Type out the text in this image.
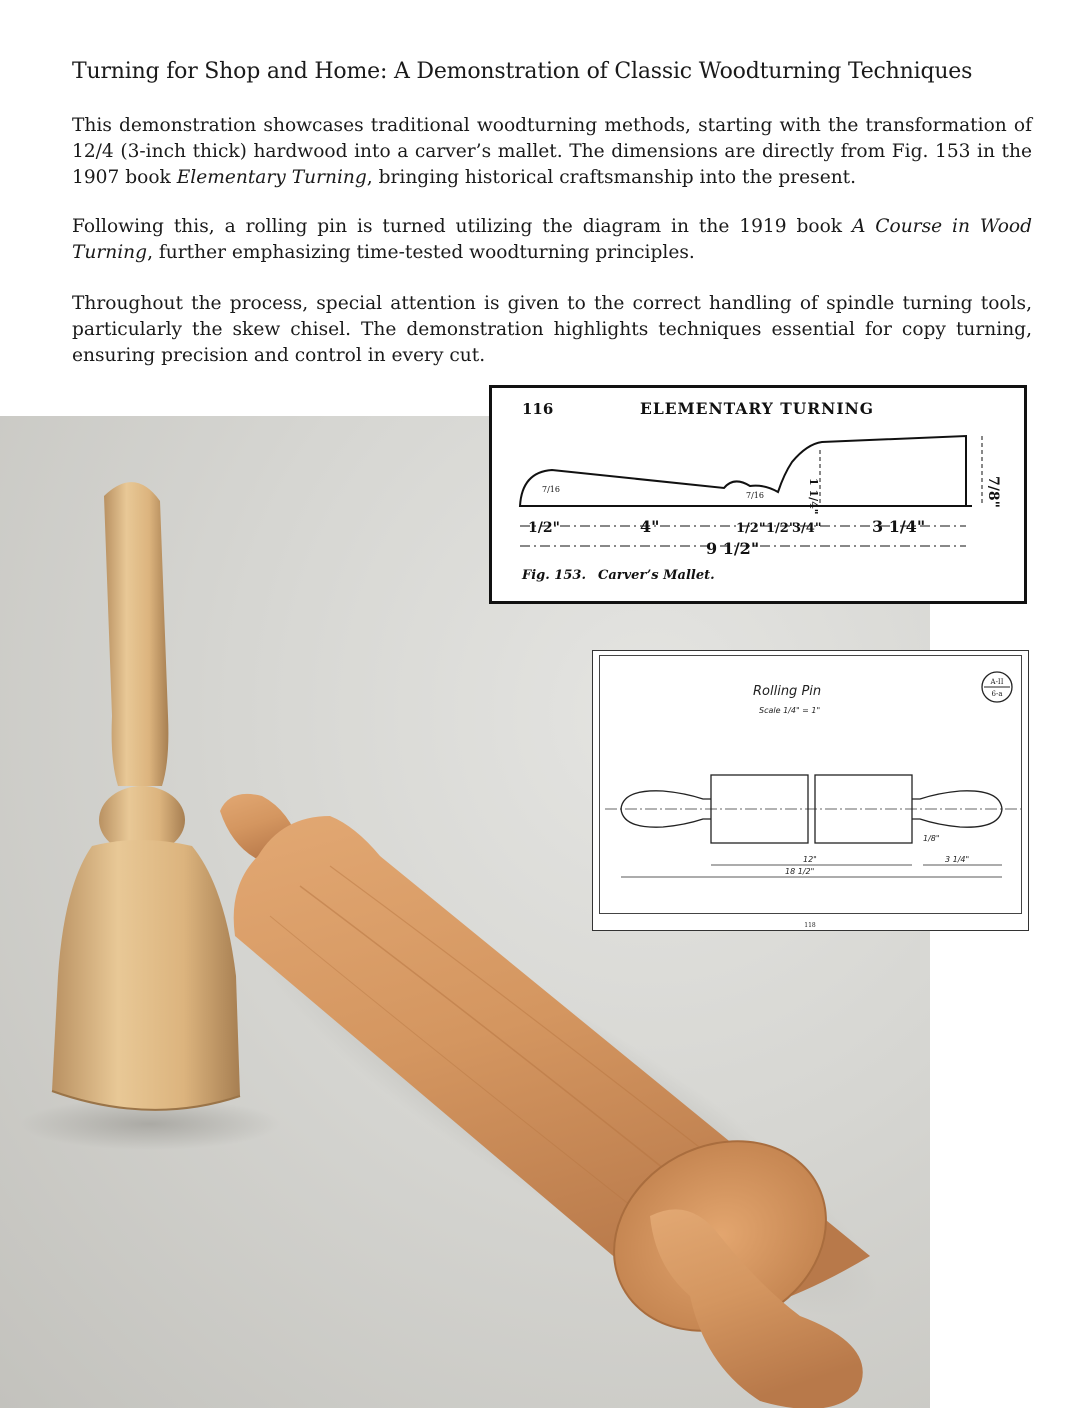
Turning for Shop and Home: A Demonstration of Classic Woodturning Techniques

This demonstration showcases traditional woodturning methods, starting with the transformation of 12/4 (3-inch thick) hardwood into a carver’s mallet. The dimensions are directly from Fig. 153 in the 1907 book Elementary Turning, bringing historical craftsmanship into the present.

Following this, a rolling pin is turned utilizing the diagram in the 1919 book A Course in Wood Turning, further emphasizing time-tested woodturning principles.

Throughout the process, special attention is given to the correct handling of spindle turning tools, particularly the skew chisel. The demonstration highlights techniques essential for copy turning, ensuring precision and control in every cut.

116	ELEMENTARY TURNING
7/8"
1 1/4"
7/16
7/16
1/2"	4"	1/2" 1/2"
3/4"	3 1/4"
9 1/2"
Fig. 153. Carver’s Mallet.
Rolling Pin
Scale 1/4" = 1"
A-II
6-a
12"
18 1/2"
3 1/4"
1/8"
118
